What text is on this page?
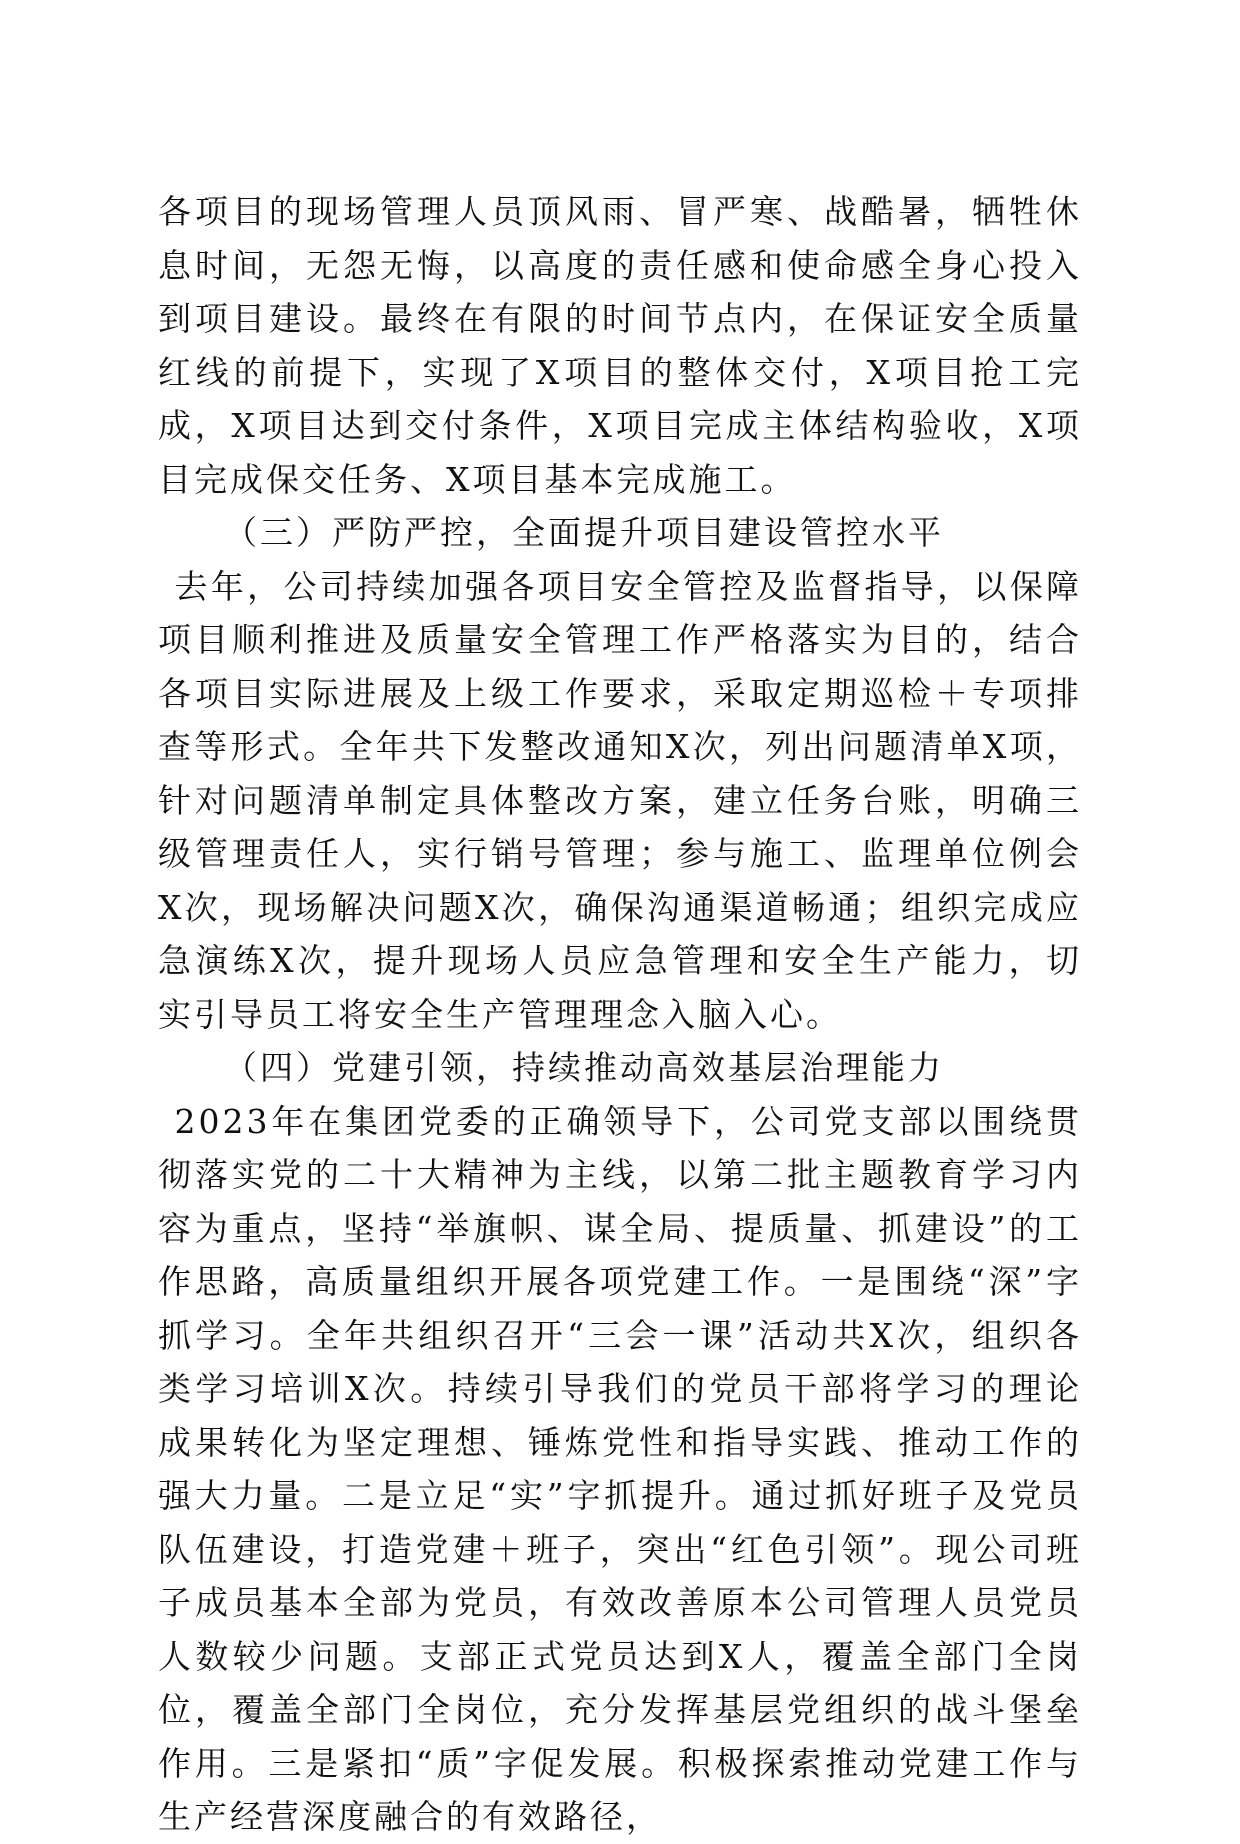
各项目的现场管理人员顶风雨、冒严寒、战酷暑，牺牲休息时间，无怨无悔，以高度的责任感和使命感全身心投入到项目建设。最终在有限的时间节点内，在保证安全质量红线的前提下，实现了X项目的整体交付，X项目抢工完成，X项目达到交付条件，X项目完成主体结构验收，X项目完成保交任务、X项目基本完成施工。

（三）严防严控，全面提升项目建设管控水平

去年，公司持续加强各项目安全管控及监督指导，以保障项目顺利推进及质量安全管理工作严格落实为目的，结合各项目实际进展及上级工作要求，采取定期巡检＋专项排查等形式。全年共下发整改通知X次，列出问题清单X项，针对问题清单制定具体整改方案，建立任务台账，明确三级管理责任人，实行销号管理；参与施工、监理单位例会X次，现场解决问题X次，确保沟通渠道畅通；组织完成应急演练X次，提升现场人员应急管理和安全生产能力，切实引导员工将安全生产管理理念入脑入心。

（四）党建引领，持续推动高效基层治理能力

2023年在集团党委的正确领导下，公司党支部以围绕贯彻落实党的二十大精神为主线，以第二批主题教育学习内容为重点，坚持“举旗帜、谋全局、提质量、抓建设”的工作思路，高质量组织开展各项党建工作。一是围绕“深”字抓学习。全年共组织召开“三会一课”活动共X次，组织各类学习培训X次。持续引导我们的党员干部将学习的理论成果转化为坚定理想、锤炼党性和指导实践、推动工作的强大力量。二是立足“实”字抓提升。通过抓好班子及党员队伍建设，打造党建＋班子，突出“红色引领”。现公司班子成员基本全部为党员，有效改善原本公司管理人员党员人数较少问题。支部正式党员达到X人，覆盖全部门全岗位，覆盖全部门全岗位，充分发挥基层党组织的战斗堡垒作用。三是紧扣“质”字促发展。积极探索推动党建工作与生产经营深度融合的有效路径，
